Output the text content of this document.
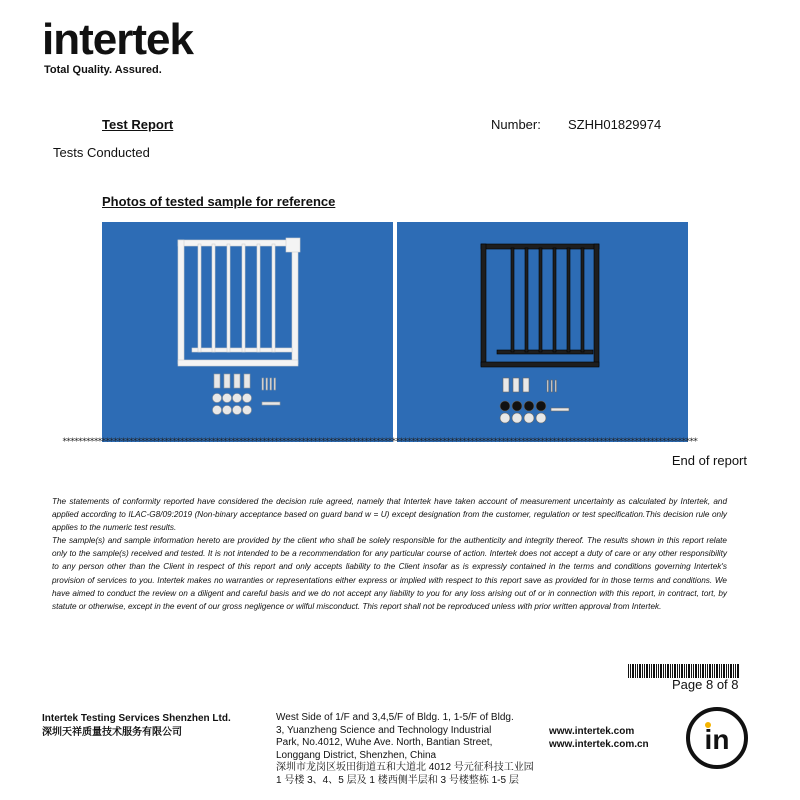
intertek
Total Quality. Assured.
Test Report	Number: SZHH01829974
Tests Conducted
Photos of tested sample for reference
******************************************************************************************************************************************************************
End of report

The statements of conformity reported have considered the decision rule agreed, namely that Intertek have taken account of measurement uncertainty as calculated by Intertek, and applied according to ILAC-G8/09:2019 (Non-binary acceptance based on guard band w = U) except designation from the customer, regulation or test specification.This decision rule only applies to the numeric test results.

The sample(s) and sample information hereto are provided by the client who shall be solely responsible for the authenticity and integrity thereof. The results shown in this report relate only to the sample(s) received and tested. It is not intended to be a recommendation for any particular course of action. Intertek does not accept a duty of care or any other responsibility to any person other than the Client in respect of this report and only accepts liability to the Client insofar as is expressly contained in the terms and conditions governing Intertek's provision of services to you. Intertek makes no warranties or representations either express or implied with respect to this report save as provided for in those terms and conditions. We have aimed to conduct the review on a diligent and careful basis and we do not accept any liability to you for any loss arising out of or in connection with this report, in contract, tort, by statute or otherwise, except in the event of our gross negligence or wilful misconduct. This report shall not be reproduced unless with prior written approval from Intertek.

Page 8 of 8
Intertek Testing Services Shenzhen Ltd.
深圳天祥质量技术服务有限公司
West Side of 1/F and 3,4,5/F of Bldg. 1, 1-5/F of Bldg.
3, Yuanzheng Science and Technology Industrial
Park, No.4012, Wuhe Ave. North, Bantian Street,
Longgang District, Shenzhen, China
深圳市龙岗区坂田街道五和大道北 4012 号元征科技工业园
1 号楼 3、4、5 层及 1 楼西侧半层和 3 号楼整栋 1-5 层
www.intertek.com
www.intertek.com.cn in
